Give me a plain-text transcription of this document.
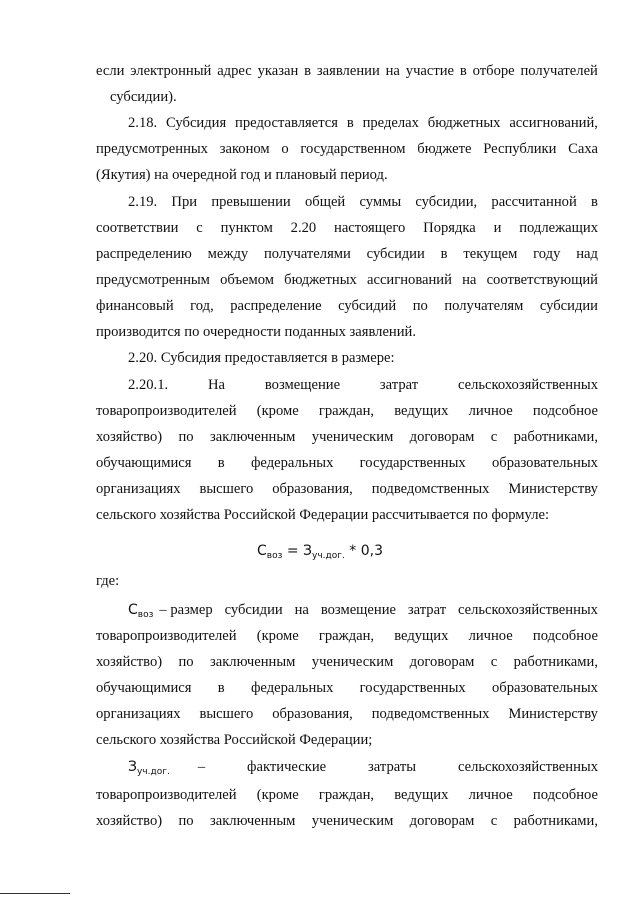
если электронный адрес указан в заявлении на участие в отборе получателей
субсидии).
2.18. Субсидия предоставляется в пределах бюджетных ассигнований,
предусмотренных законом о государственном бюджете Республики Саха
(Якутия) на очередной год и плановый период.
2.19. При превышении общей суммы субсидии, рассчитанной в
соответствии с пунктом 2.20 настоящего Порядка и подлежащих
распределению между получателями субсидии в текущем году над
предусмотренным объемом бюджетных ассигнований на соответствующий
финансовый год, распределение субсидий по получателям субсидии
производится по очередности поданных заявлений.
2.20. Субсидия предоставляется в размере:
2.20.1.	На	возмещение	затрат	сельскохозяйственных
товаропроизводителей (кроме граждан, ведущих личное подсобное
хозяйство) по заключенным ученическим договорам с работниками,
обучающимися в федеральных государственных образовательных
организациях высшего образования, подведомственных Министерству
сельского хозяйства Российской Федерации рассчитывается по формуле:
$С_{воз} = З_{уч.дог.} * 0,3$
где:
$С_{воз}$ – размер субсидии на возмещение затрат сельскохозяйственных
товаропроизводителей (кроме граждан, ведущих личное подсобное
хозяйство) по заключенным ученическим договорам с работниками,
обучающимися в федеральных государственных образовательных
организациях высшего образования, подведомственных Министерству
сельского хозяйства Российской Федерации;
$З_{уч.дог.}$ –	фактические	затраты	сельскохозяйственных
товаропроизводителей (кроме граждан, ведущих личное подсобное
хозяйство) по заключенным ученическим договорам с работниками,
